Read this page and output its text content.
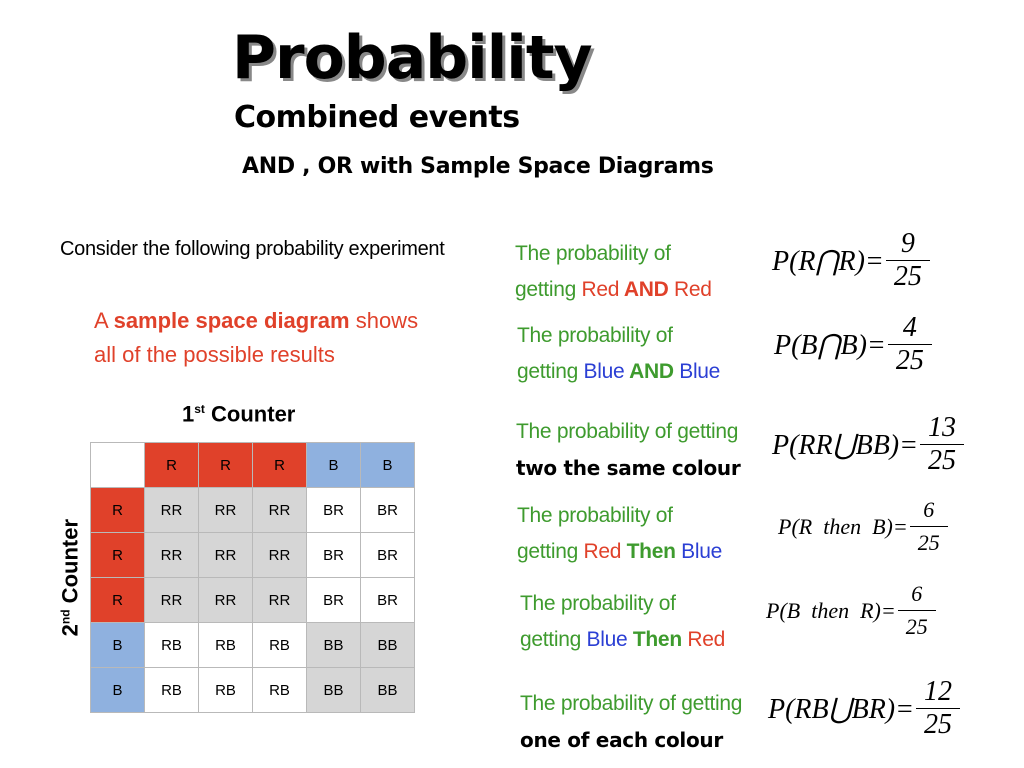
Probability
Combined events
AND , OR with Sample Space Diagrams
Consider the following probability experiment
A sample space diagram shows
all of the possible results
1st Counter
2nd Counter
	R	R	R	B	B
R	RR	RR	RR	BR	BR
R	RR	RR	RR	BR	BR
R	RR	RR	RR	BR	BR
B	RB	RB	RB	BB	BB
B	RB	RB	RB	BB	BB
The probability of
getting Red AND Red
P(R⋂R)= $\frac{9}{25}$
The probability of
getting Blue AND Blue
P(B⋂B)= $\frac{4}{25}$
The probability of getting
two the same colour
P(RR⋃BB)= $\frac{13}{25}$
The probability of
getting Red Then Blue
P(R  then  $B)= \frac{6}{25}$
The probability of
getting Blue Then Red
P(B  then  $R)= \frac{6}{25}$
The probability of getting
one of each colour
P(RB⋃BR)= $\frac{12}{25}$
